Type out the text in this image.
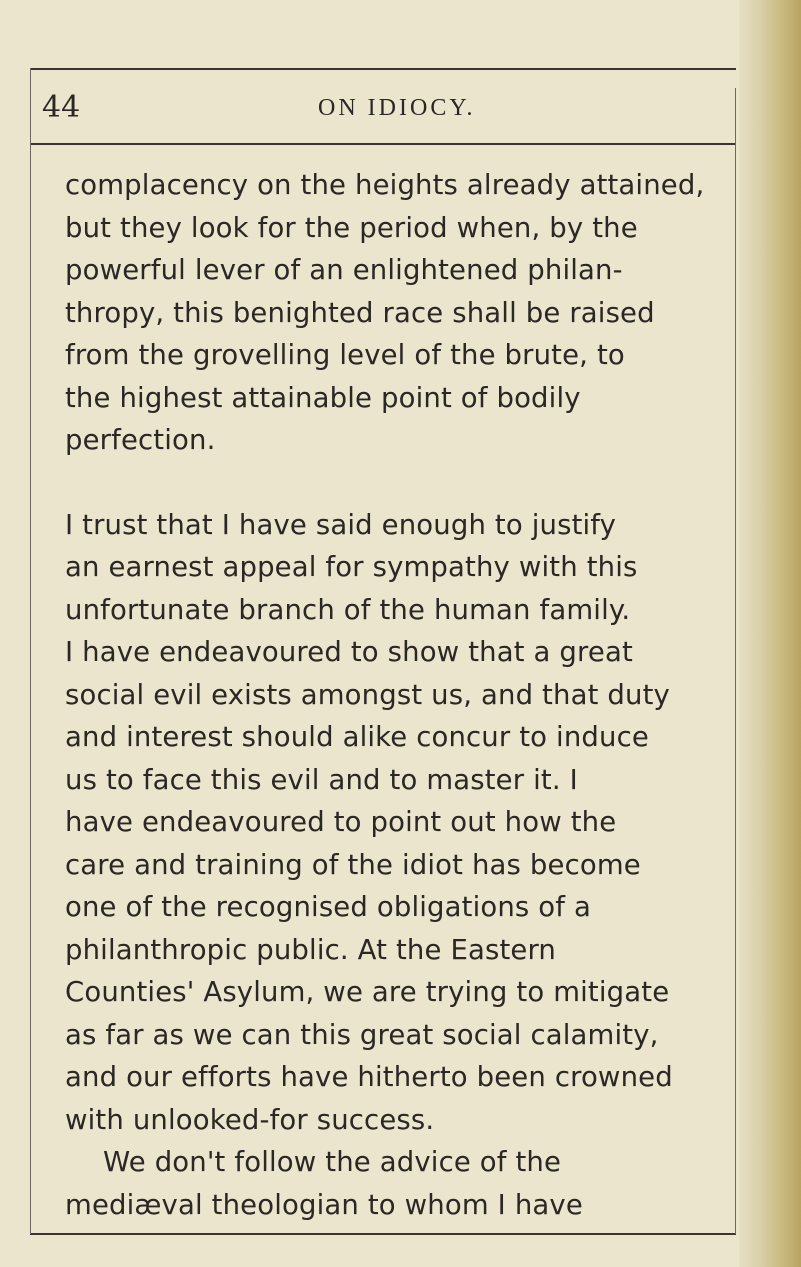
44	ON IDIOCY.
complacency on the heights already attained,
but they look for the period when, by the
powerful lever of an enlightened philan-
thropy, this benighted race shall be raised
from the grovelling level of the brute, to
the highest attainable point of bodily
perfection.
I trust that I have said enough to justify
an earnest appeal for sympathy with this
unfortunate branch of the human family.
I have endeavoured to show that a great
social evil exists amongst us, and that duty
and interest should alike concur to induce
us to face this evil and to master it. I
have endeavoured to point out how the
care and training of the idiot has become
one of the recognised obligations of a
philanthropic public. At the Eastern
Counties' Asylum, we are trying to mitigate
as far as we can this great social calamity,
and our efforts have hitherto been crowned
with unlooked-for success.
We don't follow the advice of the
mediæval theologian to whom I have
